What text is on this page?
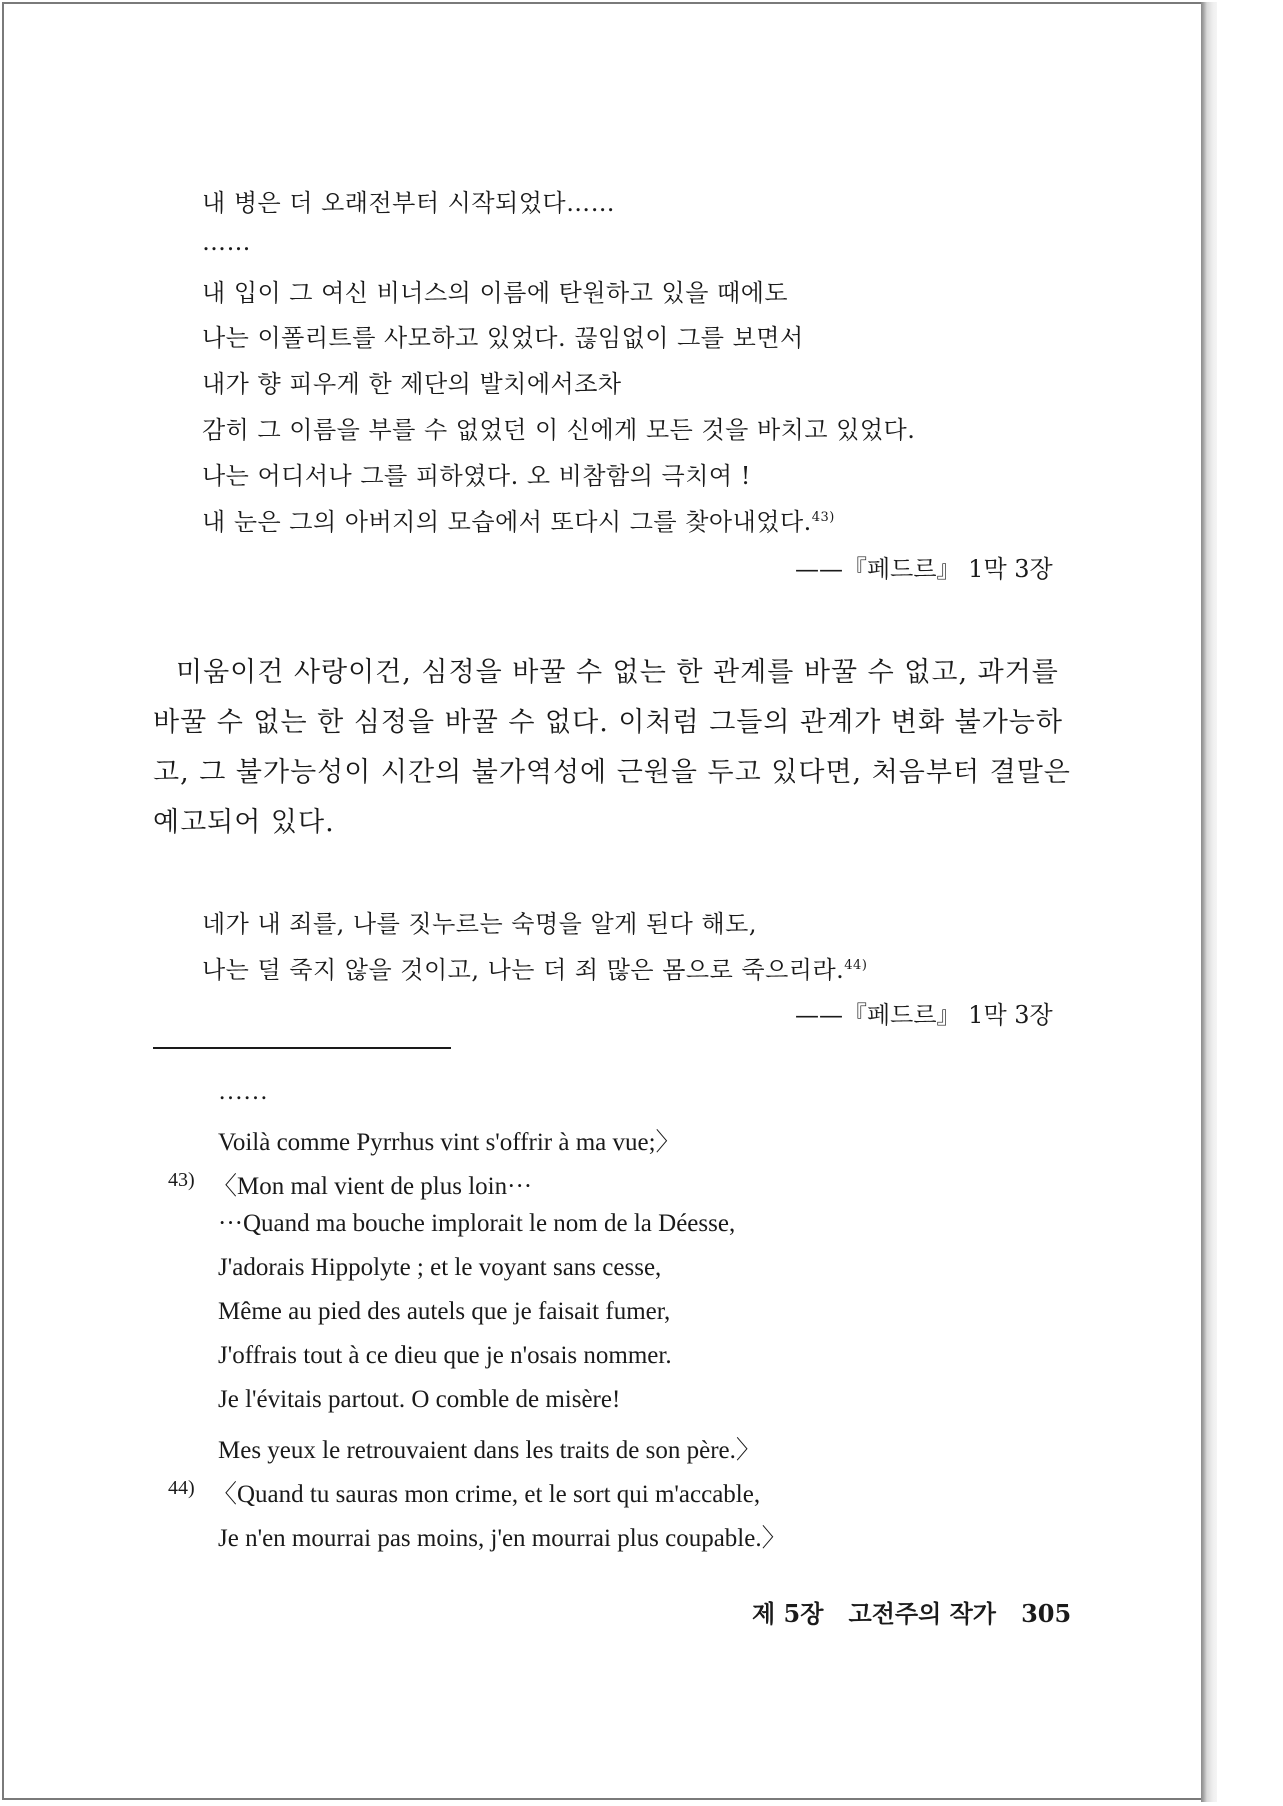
내 병은 더 오래전부터 시작되었다……
……
내 입이 그 여신 비너스의 이름에 탄원하고 있을 때에도
나는 이폴리트를 사모하고 있었다. 끊임없이 그를 보면서
내가 향 피우게 한 제단의 발치에서조차
감히 그 이름을 부를 수 없었던 이 신에게 모든 것을 바치고 있었다.
나는 어디서나 그를 피하였다. 오 비참함의 극치여 !
내 눈은 그의 아버지의 모습에서 또다시 그를 찾아내었다.$^{43)}$
——『페드르』 1막 3장
미움이건 사랑이건, 심정을 바꿀 수 없는 한 관계를 바꿀 수 없고, 과거를
바꿀 수 없는 한 심정을 바꿀 수 없다. 이처럼 그들의 관계가 변화 불가능하
고, 그 불가능성이 시간의 불가역성에 근원을 두고 있다면, 처음부터 결말은
예고되어 있다.
네가 내 죄를, 나를 짓누르는 숙명을 알게 된다 해도,
나는 덜 죽지 않을 것이고, 나는 더 죄 많은 몸으로 죽으리라.$^{44)}$
——『페드르』 1막 3장
……
Voilà comme Pyrrhus vint s'offrir à ma vue;〉
43) 〈Mon mal vient de plus loin···
···Quand ma bouche implorait le nom de la Déesse,
J'adorais Hippolyte ; et le voyant sans cesse,
Même au pied des autels que je faisait fumer,
J'offrais tout à ce dieu que je n'osais nommer.
Je l'évitais partout. O comble de misère!
Mes yeux le retrouvaient dans les traits de son père.〉
44) 〈Quand tu sauras mon crime, et le sort qui m'accable,
Je n'en mourrai pas moins, j'en mourrai plus coupable.〉
제 5장 고전주의 작가 305
